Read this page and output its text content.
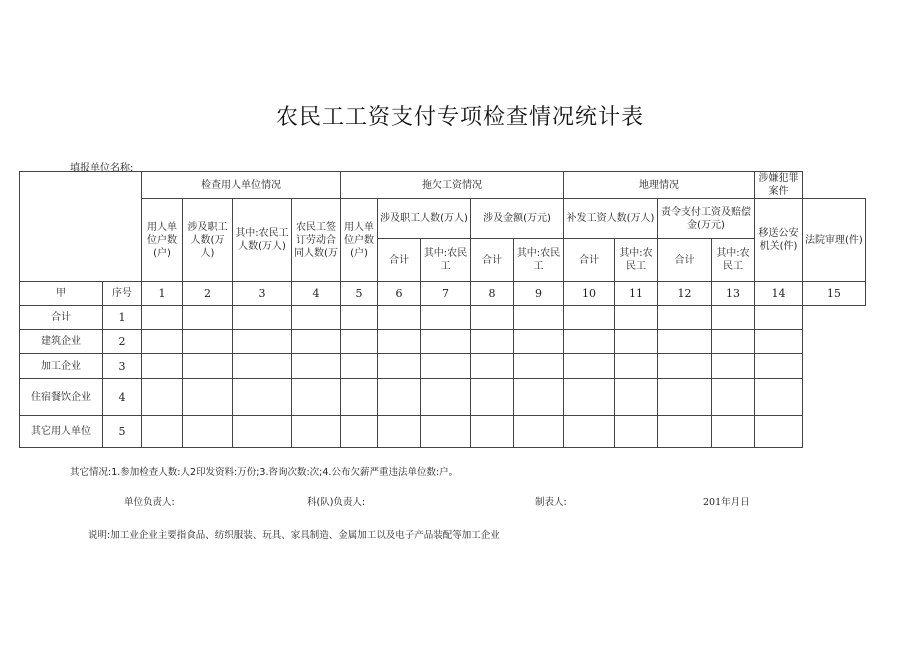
农民工工资支付专项检查情况统计表
填报单位名称:
		检查用人单位情况				拖欠工资情况					地理情况				涉嫌犯罪案件	
		用人单位户数(户)	涉及职工人数(万人)	其中:农民工人数(万人)	农民工签订劳动合同人数(万	用人单位户数(户)	涉及职工人数(万人)		涉及金额(万元)		补发工资人数(万人)		责令支付工资及赔偿金(万元)		移送公安机关(件)	法院审理(件)
							合计	其中:农民工	合计	其中:农民工	合计	其中:农民工	合计	其中:农民工		
甲	序号	1	2	3	4	5	6	7	8	9	10	11	12	13	14	15
合计	1															
建筑企业	2															
加工企业	3															
住宿餐饮企业	4															
其它用人单位	5															
其它情况:1.参加检查人数:人2印发资料:万份;3.咨询次数:次;4.公布欠薪严重违法单位数:户。
单位负责人:	科(队)负责人:	制表人:	201年月日
说明:加工业企业主要指食品、纺织服装、玩具、家具制造、金属加工以及电子产品装配等加工企业
